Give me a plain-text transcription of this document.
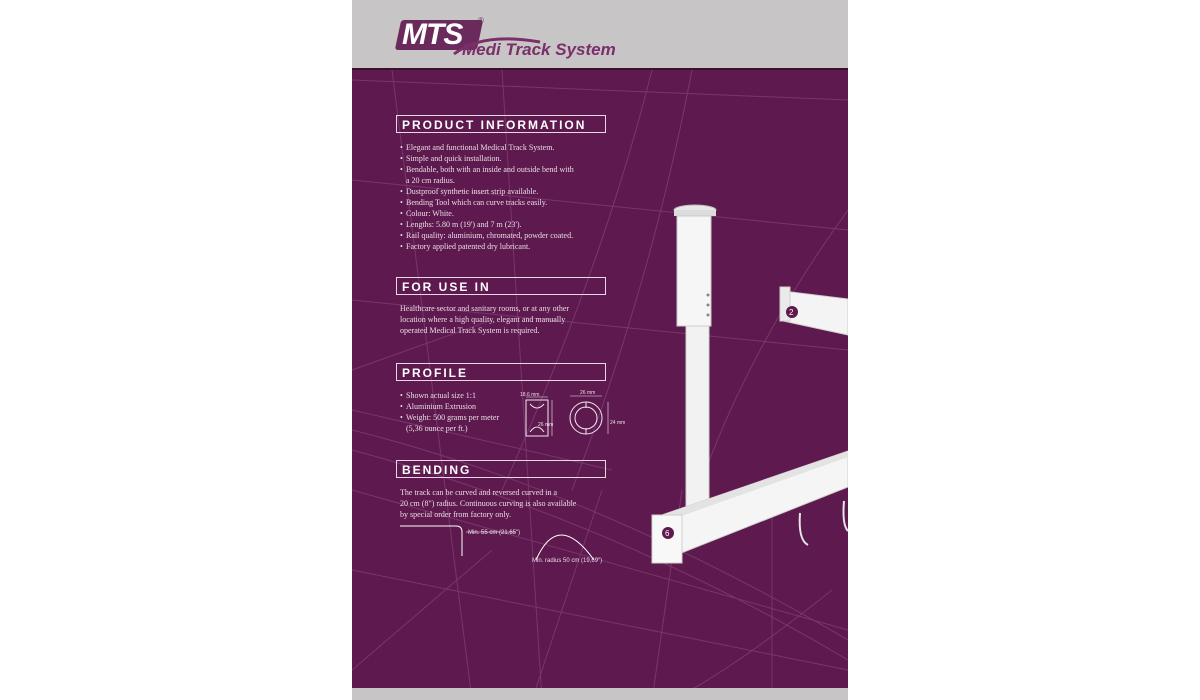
MTS ®
Medi Track System
PRODUCT INFORMATION
• Elegant and functional Medical Track System.
• Simple and quick installation.
• Bendable, both with an inside and outside bend with
a 20 cm radius.
• Dustproof synthetic insert strip available.
• Bending Tool which can curve tracks easily.
• Colour: White.
• Lengths: 5.80 m (19') and 7 m (23').
• Rail quality: aluminium, chromated, powder coated.
• Factory applied patented dry lubricant.
FOR USE IN
Healthcare sector and sanitary rooms, or at any other
location where a high quality, elegant and manually
operated Medical Track System is required.
PROFILE
• Shown actual size 1:1
• Aluminium Extrusion
• Weight: 500 grams per meter
(5,36 ounce per ft.)
18.6 mm
26 mm
26 mm
24 mm
BENDING
The track can be curved and reversed curved in a
20 cm (8") radius. Continuous curving is also available
by special order from factory only.
Min. 55 cm (21.65")
Min. radius 50 cm (19,69")
2
6
